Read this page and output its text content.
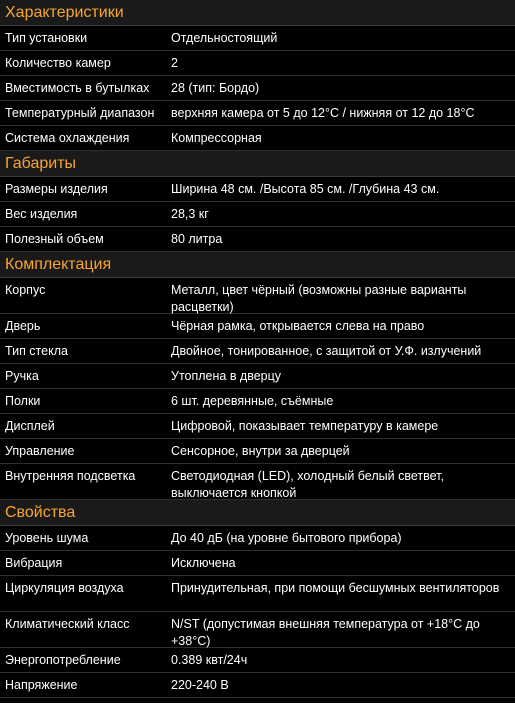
Характеристики
Тип установки	Отдельностоящий
Количество камер	2
Вместимость в бутылках	28 (тип: Бордо)
Температурный диапазон	верхняя камера от 5 до 12°С / нижняя от 12 до 18°С
Система охлаждения	Компрессорная
Габариты
Размеры изделия	Ширина 48 см. /Высота 85 см. /Глубина 43 см.
Вес изделия	28,3 кг
Полезный объем	80 литра
Комплектация
Корпус	Металл, цвет чёрный (возможны разные варианты расцветки)
Дверь	Чёрная рамка, открывается слева на право
Тип стекла	Двойное, тонированное, с защитой от У.Ф. излучений
Ручка	Утоплена в дверцу
Полки	6 шт. деревянные, съёмные
Дисплей	Цифровой, показывает температуру в камере
Управление	Сенсорное, внутри за дверцей
Внутренняя подсветка	Светодиодная (LED), холодный белый светвет, выключается кнопкой
Свойства
Уровень шума	До 40 дБ (на уровне бытового прибора)
Вибрация	Исключена
Циркуляция воздуха	Принудительная, при помощи бесшумных вентиляторов
Климатический класс	N/ST (допустимая внешняя температура от +18°С до +38°С)
Энергопотребление	0.389 квт/24ч
Напряжение	220-240 В
